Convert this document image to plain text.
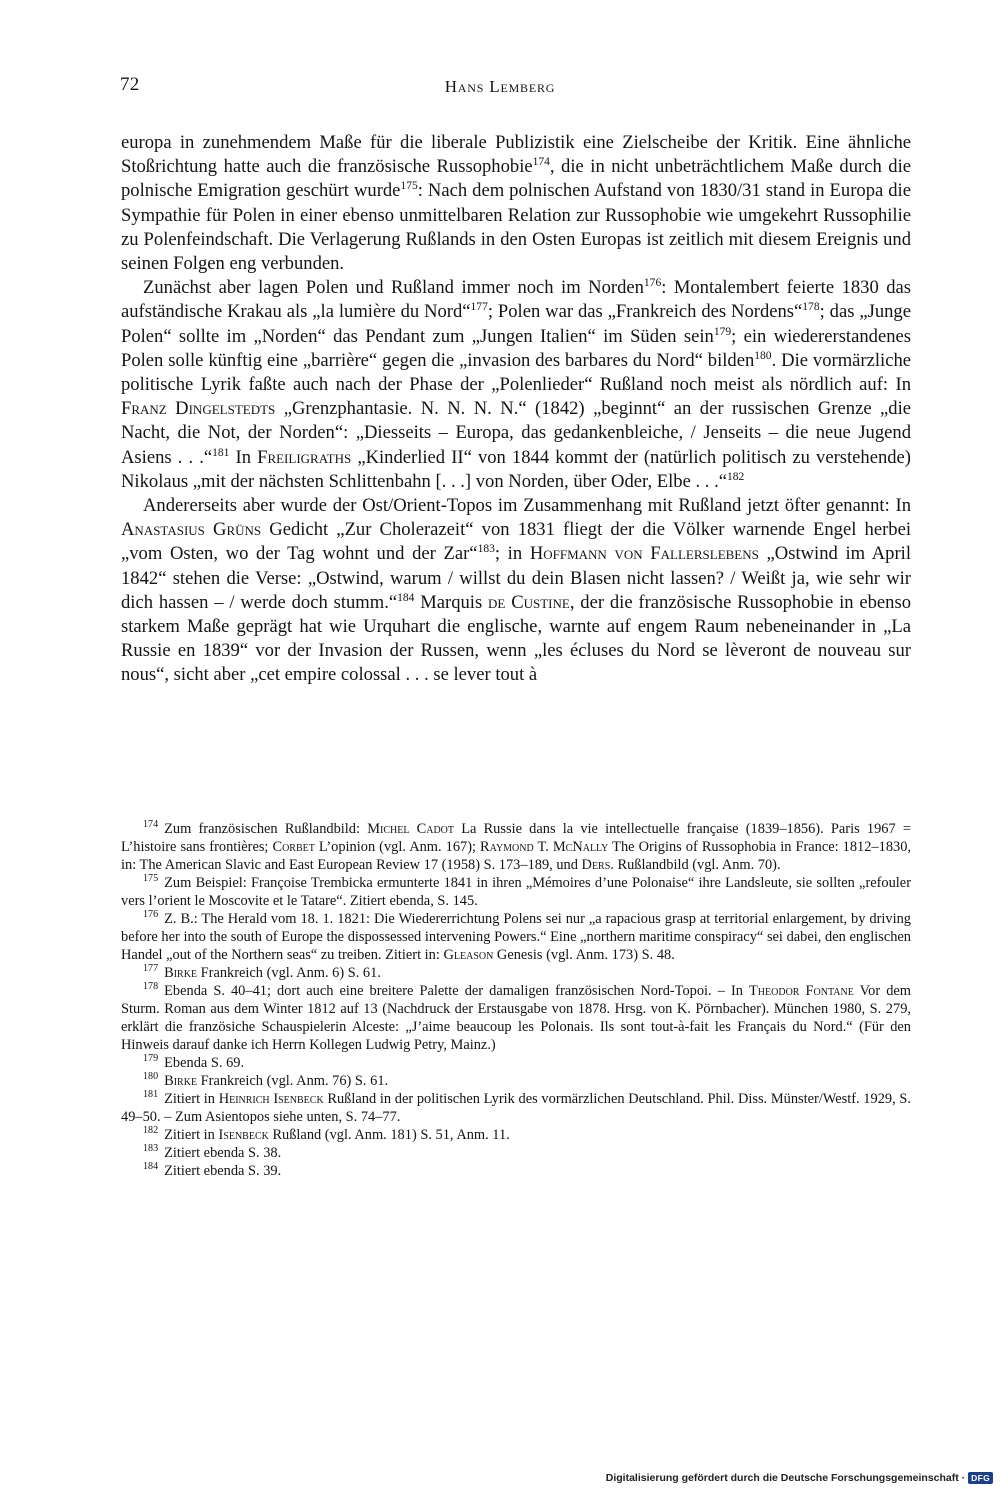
72	Hans Lemberg

europa in zunehmendem Maße für die liberale Publizistik eine Zielscheibe der Kritik. Eine ähnliche Stoßrichtung hatte auch die französische Russophobie$^{174}$, die in nicht unbeträchtlichem Maße durch die polnische Emigration geschürt wurde$^{175}$: Nach dem polnischen Aufstand von 1830/31 stand in Europa die Sympathie für Polen in einer ebenso unmittelbaren Relation zur Russophobie wie umgekehrt Russophilie zu Polenfeindschaft. Die Verlagerung Rußlands in den Osten Europas ist zeitlich mit diesem Ereignis und seinen Folgen eng verbunden.

Zunächst aber lagen Polen und Rußland immer noch im Norden$^{176}$: Montalembert feierte 1830 das aufständische Krakau als „la lumière du Nord“$^{177}$; Polen war das „Frankreich des Nordens“$^{178}$; das „Junge Polen“ sollte im „Norden“ das Pendant zum „Jungen Italien“ im Süden sein$^{179}$; ein wiedererstandenes Polen solle künftig eine „barrière“ gegen die „invasion des barbares du Nord“ bilden$^{180}$. Die vormärzliche politische Lyrik faßte auch nach der Phase der „Polenlieder“ Rußland noch meist als nördlich auf: In Franz Dingelstedts „Grenzphantasie. N. N. N. N.“ (1842) „beginnt“ an der russischen Grenze „die Nacht, die Not, der Norden“: „Diesseits – Europa, das gedankenbleiche, / Jenseits – die neue Jugend Asiens . . .“$^{181}$ In Freiligraths „Kinderlied II“ von 1844 kommt der (natürlich politisch zu verstehende) Nikolaus „mit der nächsten Schlittenbahn [. . .] von Norden, über Oder, Elbe . . .“$^{182}$

Andererseits aber wurde der Ost/Orient-Topos im Zusammenhang mit Rußland jetzt öfter genannt: In Anastasius Grüns Gedicht „Zur Cholerazeit“ von 1831 fliegt der die Völker warnende Engel herbei „vom Osten, wo der Tag wohnt und der Zar“$^{183}$; in Hoffmann von Fallerslebens „Ostwind im April 1842“ stehen die Verse: „Ostwind, warum / willst du dein Blasen nicht lassen? / Weißt ja, wie sehr wir dich hassen – / werde doch stumm.“$^{184}$ Marquis de Custine, der die französische Russophobie in ebenso starkem Maße geprägt hat wie Urquhart die englische, warnte auf engem Raum nebeneinander in „La Russie en 1839“ vor der Invasion der Russen, wenn „les écluses du Nord se lèveront de nouveau sur nous“, sicht aber „cet empire colossal . . . se lever tout à

$^{174}$ Zum französischen Rußlandbild: Michel Cadot La Russie dans la vie intellectuelle française (1839–1856). Paris 1967 = L’histoire sans frontières; Corbet L’opinion (vgl. Anm. 167); Raymond T. McNally The Origins of Russophobia in France: 1812–1830, in: The American Slavic and East European Review 17 (1958) S. 173–189, und Ders. Rußlandbild (vgl. Anm. 70).

$^{175}$ Zum Beispiel: Françoise Trembicka ermunterte 1841 in ihren „Mémoires d’une Polonaise“ ihre Landsleute, sie sollten „refouler vers l’orient le Moscovite et le Tatare“. Zitiert ebenda, S. 145.

$^{176}$ Z. B.: The Herald vom 18. 1. 1821: Die Wiedererrichtung Polens sei nur „a rapacious grasp at territorial enlargement, by driving before her into the south of Europe the dispossessed intervening Powers.“ Eine „northern maritime conspiracy“ sei dabei, den englischen Handel „out of the Northern seas“ zu treiben. Zitiert in: Gleason Genesis (vgl. Anm. 173) S. 48.

$^{177}$ Birke Frankreich (vgl. Anm. 6) S. 61.

$^{178}$ Ebenda S. 40–41; dort auch eine breitere Palette der damaligen französischen Nord-Topoi. – In Theodor Fontane Vor dem Sturm. Roman aus dem Winter 1812 auf 13 (Nachdruck der Erstausgabe von 1878. Hrsg. von K. Pörnbacher). München 1980, S. 279, erklärt die französiche Schauspielerin Alceste: „J’aime beaucoup les Polonais. Ils sont tout-à-fait les Français du Nord.“ (Für den Hinweis darauf danke ich Herrn Kollegen Ludwig Petry, Mainz.)

$^{179}$ Ebenda S. 69.

$^{180}$ Birke Frankreich (vgl. Anm. 76) S. 61.

$^{181}$ Zitiert in Heinrich Isenbeck Rußland in der politischen Lyrik des vormärzlichen Deutschland. Phil. Diss. Münster/Westf. 1929, S. 49–50. – Zum Asientopos siehe unten, S. 74–77.

$^{182}$ Zitiert in Isenbeck Rußland (vgl. Anm. 181) S. 51, Anm. 11.

$^{183}$ Zitiert ebenda S. 38.

$^{184}$ Zitiert ebenda S. 39.

Digitalisierung gefördert durch die Deutsche Forschungsgemeinschaft · DFG
